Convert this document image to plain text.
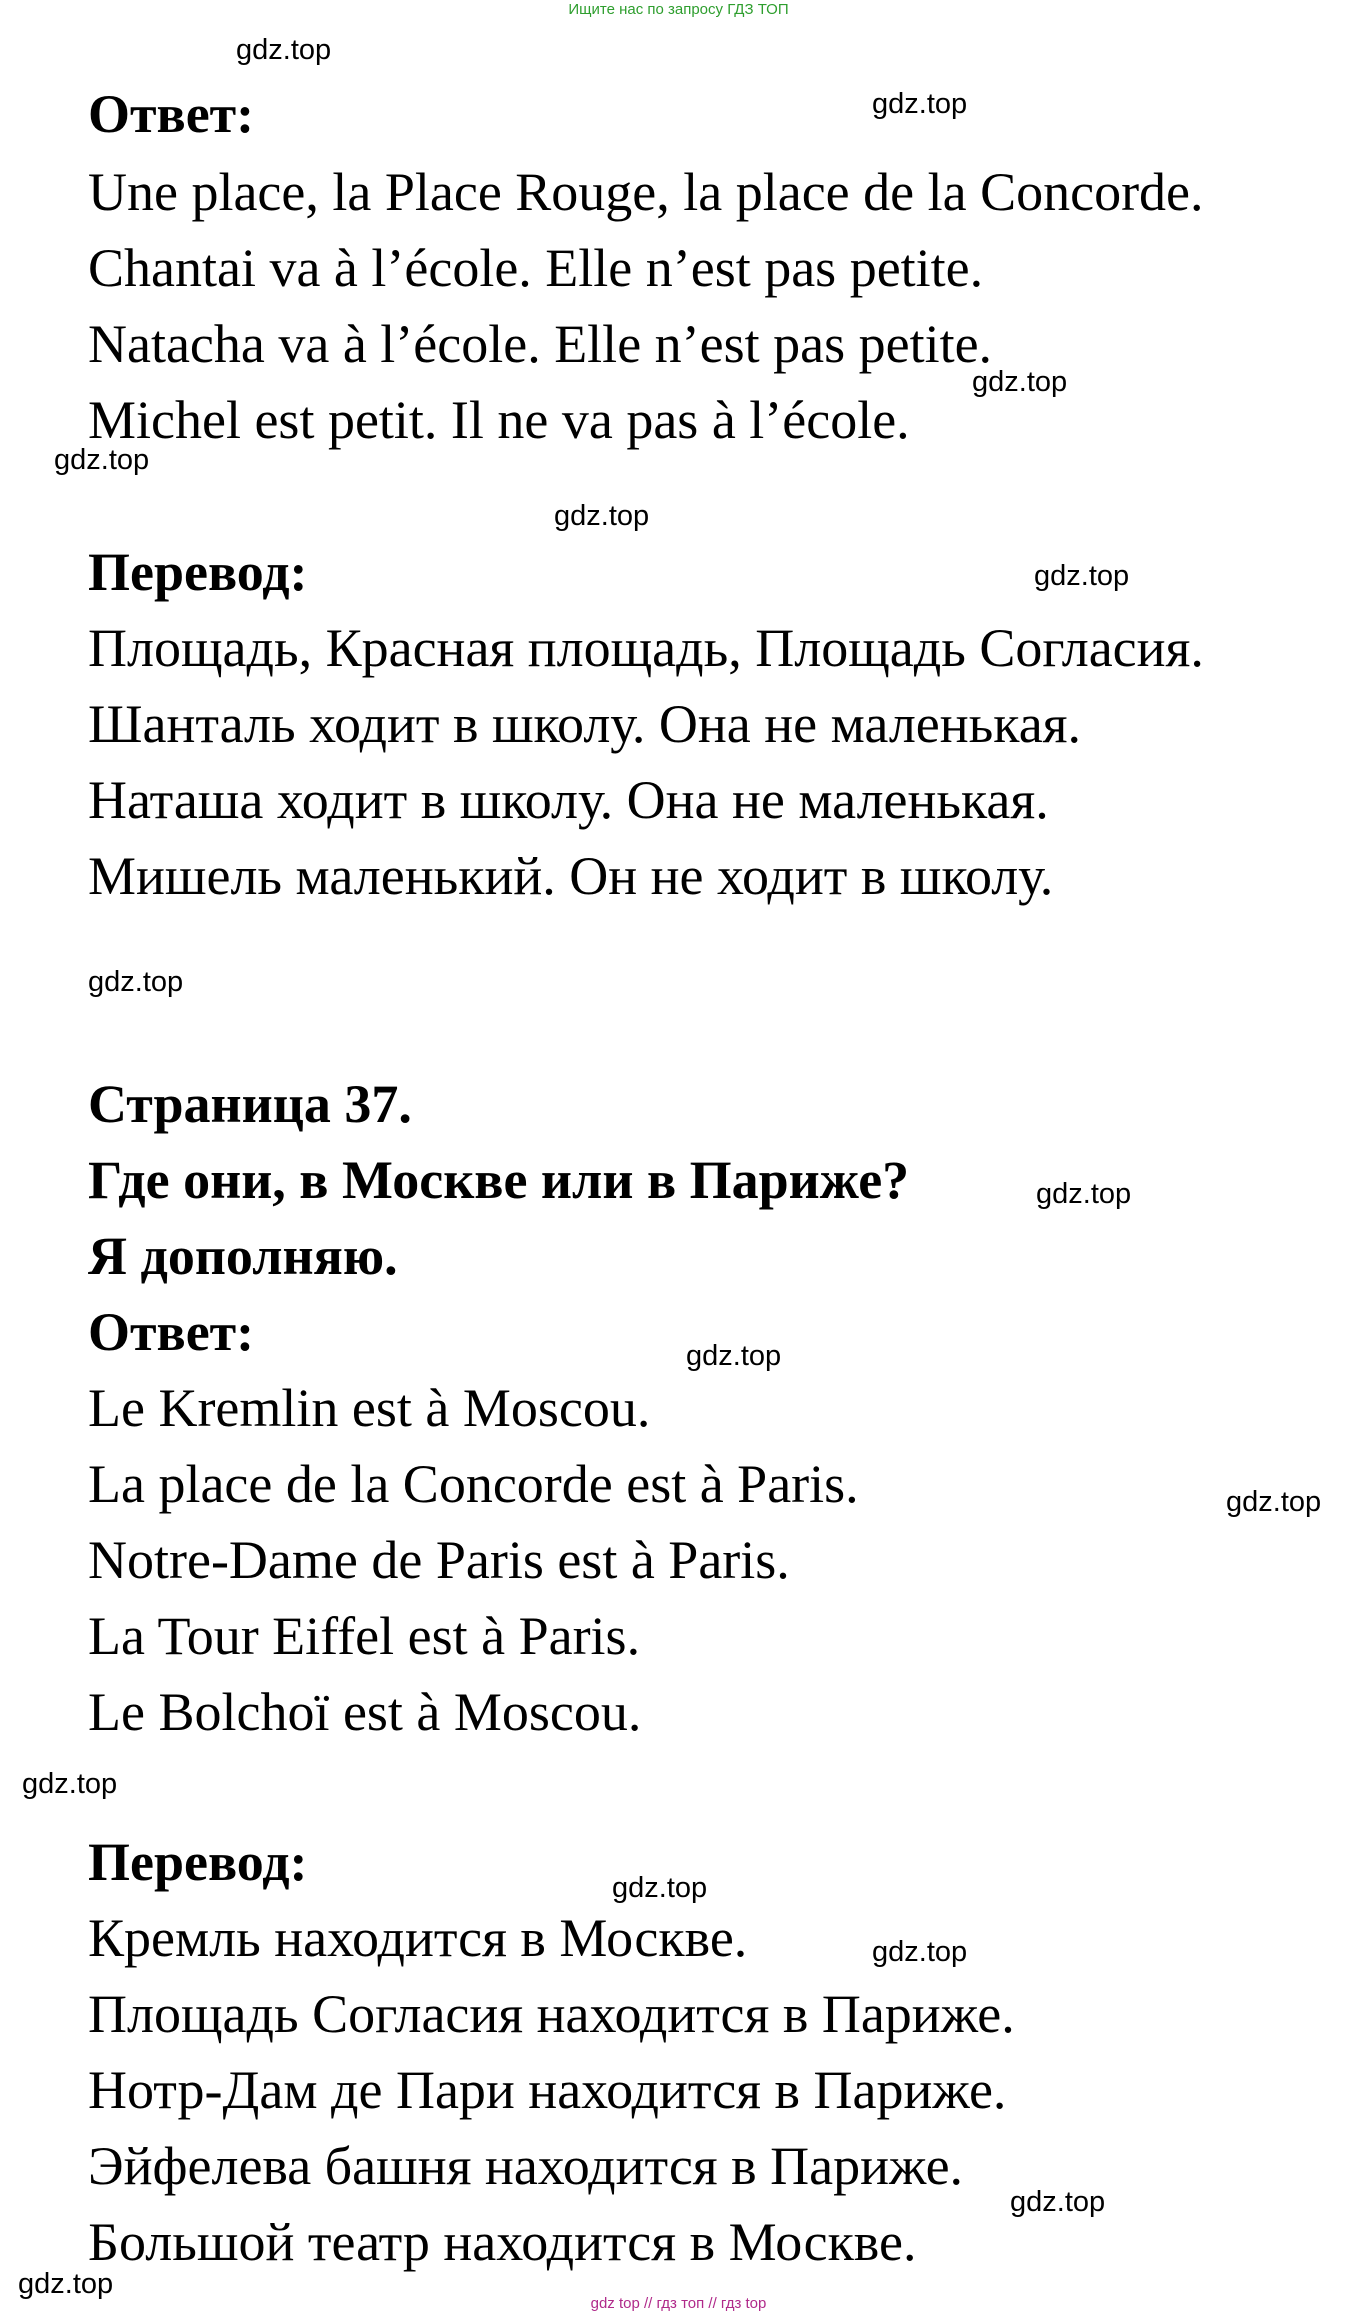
Ищите нас по запросу ГДЗ ТОП
Ответ:
Une place, la Place Rouge, la place de la Concorde.
Chantai va à l’école. Elle n’est pas petite.
Natacha va à l’école. Elle n’est pas petite.
Michel est petit. Il ne va pas à l’école.
Перевод:
Площадь, Красная площадь, Площадь Согласия.
Шанталь ходит в школу. Она не маленькая.
Наташа ходит в школу. Она не маленькая.
Мишель маленький. Он не ходит в школу.
Страница 37.
Где они, в Москве или в Париже?
Я дополняю.
Ответ:
Le Kremlin est à Moscou.
La place de la Concorde est à Paris.
Notre-Dame de Paris est à Paris.
La Tour Eiffel est à Paris.
Le Bolchoï est à Moscou.
Перевод:
Кремль находится в Москве.
Площадь Согласия находится в Париже.
Нотр-Дам де Пари находится в Париже.
Эйфелева башня находится в Париже.
Большой театр находится в Москве.
gdz.top
gdz.top
gdz.top
gdz.top
gdz.top
gdz.top
gdz.top
gdz.top
gdz.top
gdz.top
gdz.top
gdz.top
gdz.top
gdz.top
gdz.top
gdz top // гдз топ // гдз top
